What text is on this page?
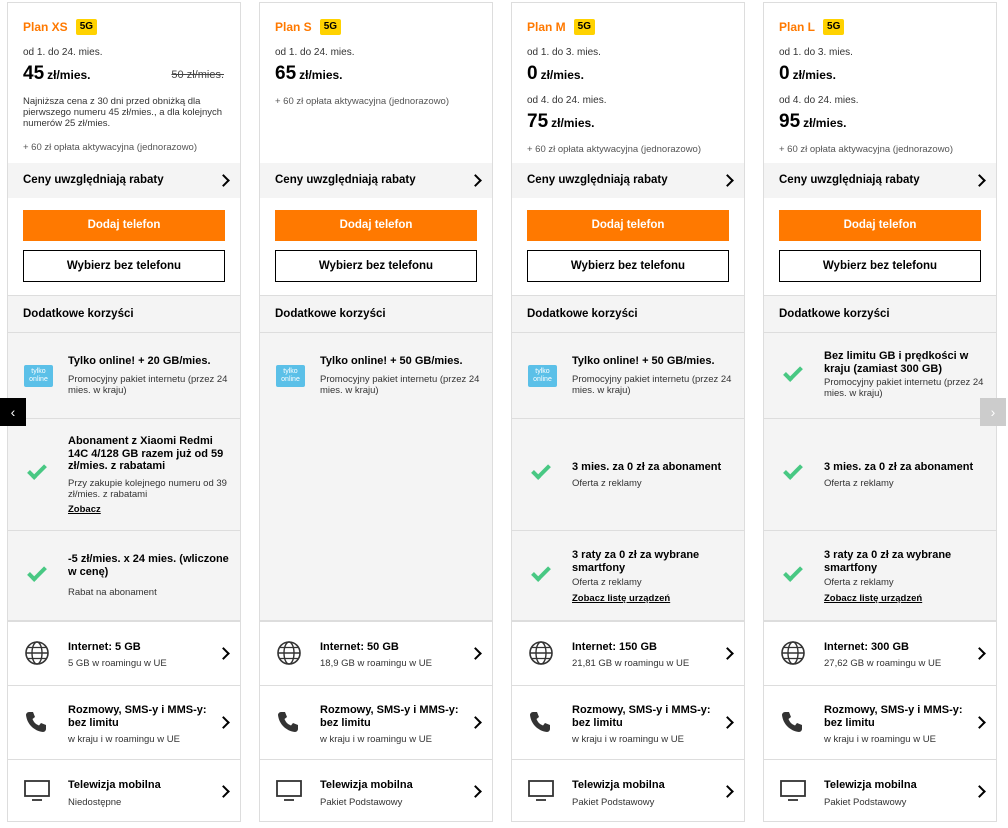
Plan XS	5G
od 1. do 24. mies.
45 zł/mies.	50 zł/mies.
Najniższa cena z 30 dni przed obniżką dla pierwszego numeru 45 zł/mies., a dla kolejnych numerów 25 zł/mies.
+ 60 zł opłata aktywacyjna (jednorazowo)
Ceny uwzględniają rabaty
Dodaj telefon
Wybierz bez telefonu
Dodatkowe korzyści
tylko online
Tylko online! + 20 GB/mies.
Promocyjny pakiet internetu (przez 24 mies. w kraju)
Abonament z Xiaomi Redmi 14C 4/128 GB razem już od 59 zł/mies. z rabatami
Przy zakupie kolejnego numeru od 39 zł/mies. z rabatami
Zobacz
-5 zł/mies. x 24 mies. (wliczone w cenę)
Rabat na abonament
Internet: 5 GB
5 GB w roamingu w UE
Rozmowy, SMS-y i MMS-y: bez limitu
w kraju i w roamingu w UE
Telewizja mobilna
Niedostępne
Plan S	5G
od 1. do 24. mies.
65 zł/mies.
+ 60 zł opłata aktywacyjna (jednorazowo)
Ceny uwzględniają rabaty
Dodaj telefon
Wybierz bez telefonu
Dodatkowe korzyści
tylko online
Tylko online! + 50 GB/mies.
Promocyjny pakiet internetu (przez 24 mies. w kraju)
Internet: 50 GB
18,9 GB w roamingu w UE
Rozmowy, SMS-y i MMS-y: bez limitu
w kraju i w roamingu w UE
Telewizja mobilna
Pakiet Podstawowy
Plan M	5G
od 1. do 3. mies.
0 zł/mies.
od 4. do 24. mies.
75 zł/mies.
+ 60 zł opłata aktywacyjna (jednorazowo)
Ceny uwzględniają rabaty
Dodaj telefon
Wybierz bez telefonu
Dodatkowe korzyści
tylko online
Tylko online! + 50 GB/mies.
Promocyjny pakiet internetu (przez 24 mies. w kraju)
3 mies. za 0 zł za abonament
Oferta z reklamy
3 raty za 0 zł za wybrane smartfony
Oferta z reklamy
Zobacz listę urządzeń
Internet: 150 GB
21,81 GB w roamingu w UE
Rozmowy, SMS-y i MMS-y: bez limitu
w kraju i w roamingu w UE
Telewizja mobilna
Pakiet Podstawowy
Plan L	5G
od 1. do 3. mies.
0 zł/mies.
od 4. do 24. mies.
95 zł/mies.
+ 60 zł opłata aktywacyjna (jednorazowo)
Ceny uwzględniają rabaty
Dodaj telefon
Wybierz bez telefonu
Dodatkowe korzyści
Bez limitu GB i prędkości w kraju (zamiast 300 GB)
Promocyjny pakiet internetu (przez 24 mies. w kraju)
3 mies. za 0 zł za abonament
Oferta z reklamy
3 raty za 0 zł za wybrane smartfony
Oferta z reklamy
Zobacz listę urządzeń
Internet: 300 GB
27,62 GB w roamingu w UE
Rozmowy, SMS-y i MMS-y: bez limitu
w kraju i w roamingu w UE
Telewizja mobilna
Pakiet Podstawowy
‹	›
